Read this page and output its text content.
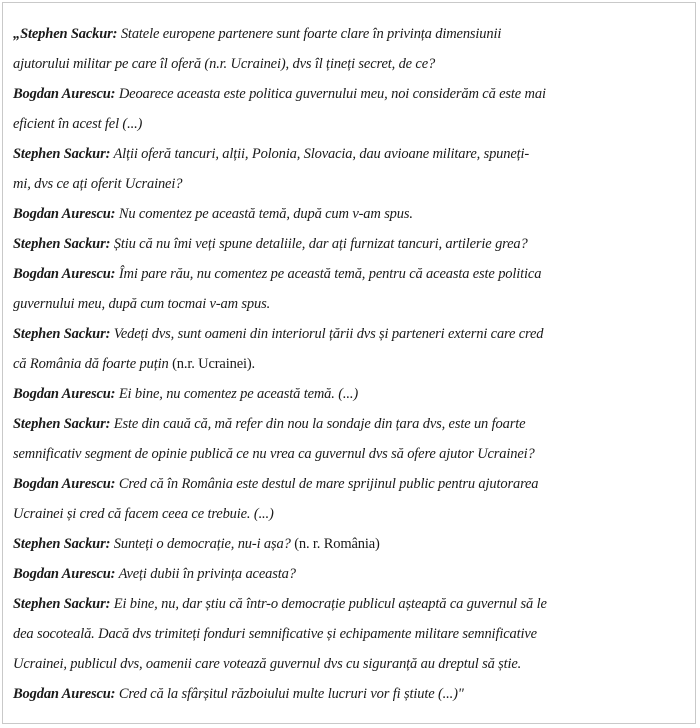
„Stephen Sackur: Statele europene partenere sunt foarte clare în privința dimensiunii
ajutorului militar pe care îl oferă (n.r. Ucrainei), dvs îl țineți secret, de ce?
Bogdan Aurescu: Deoarece aceasta este politica guvernului meu, noi considerăm că este mai
eficient în acest fel (...)
Stephen Sackur: Alții oferă tancuri, alții, Polonia, Slovacia, dau avioane militare, spuneți-
mi, dvs ce ați oferit Ucrainei?
Bogdan Aurescu: Nu comentez pe această temă, după cum v-am spus.
Stephen Sackur: Știu că nu îmi veți spune detaliile, dar ați furnizat tancuri, artilerie grea?
Bogdan Aurescu: Îmi pare rău, nu comentez pe această temă, pentru că aceasta este politica
guvernului meu, după cum tocmai v-am spus.
Stephen Sackur: Vedeți dvs, sunt oameni din interiorul țării dvs și parteneri externi care cred
că România dă foarte puțin (n.r. Ucrainei).
Bogdan Aurescu: Ei bine, nu comentez pe această temă. (...)
Stephen Sackur: Este din cauă că, mă refer din nou la sondaje din țara dvs, este un foarte
semnificativ segment de opinie publică ce nu vrea ca guvernul dvs să ofere ajutor Ucrainei?
Bogdan Aurescu: Cred că în România este destul de mare sprijinul public pentru ajutorarea
Ucrainei și cred că facem ceea ce trebuie. (...)
Stephen Sackur: Sunteți o democrație, nu-i așa? (n. r. România)
Bogdan Aurescu: Aveți dubii în privința aceasta?
Stephen Sackur: Ei bine, nu, dar știu că într-o democrație publicul așteaptă ca guvernul să le
dea socoteală. Dacă dvs trimiteți fonduri semnificative și echipamente militare semnificative
Ucrainei, publicul dvs, oamenii care votează guvernul dvs cu siguranță au dreptul să știe.
Bogdan Aurescu: Cred că la sfârșitul războiului multe lucruri vor fi știute (...)"
